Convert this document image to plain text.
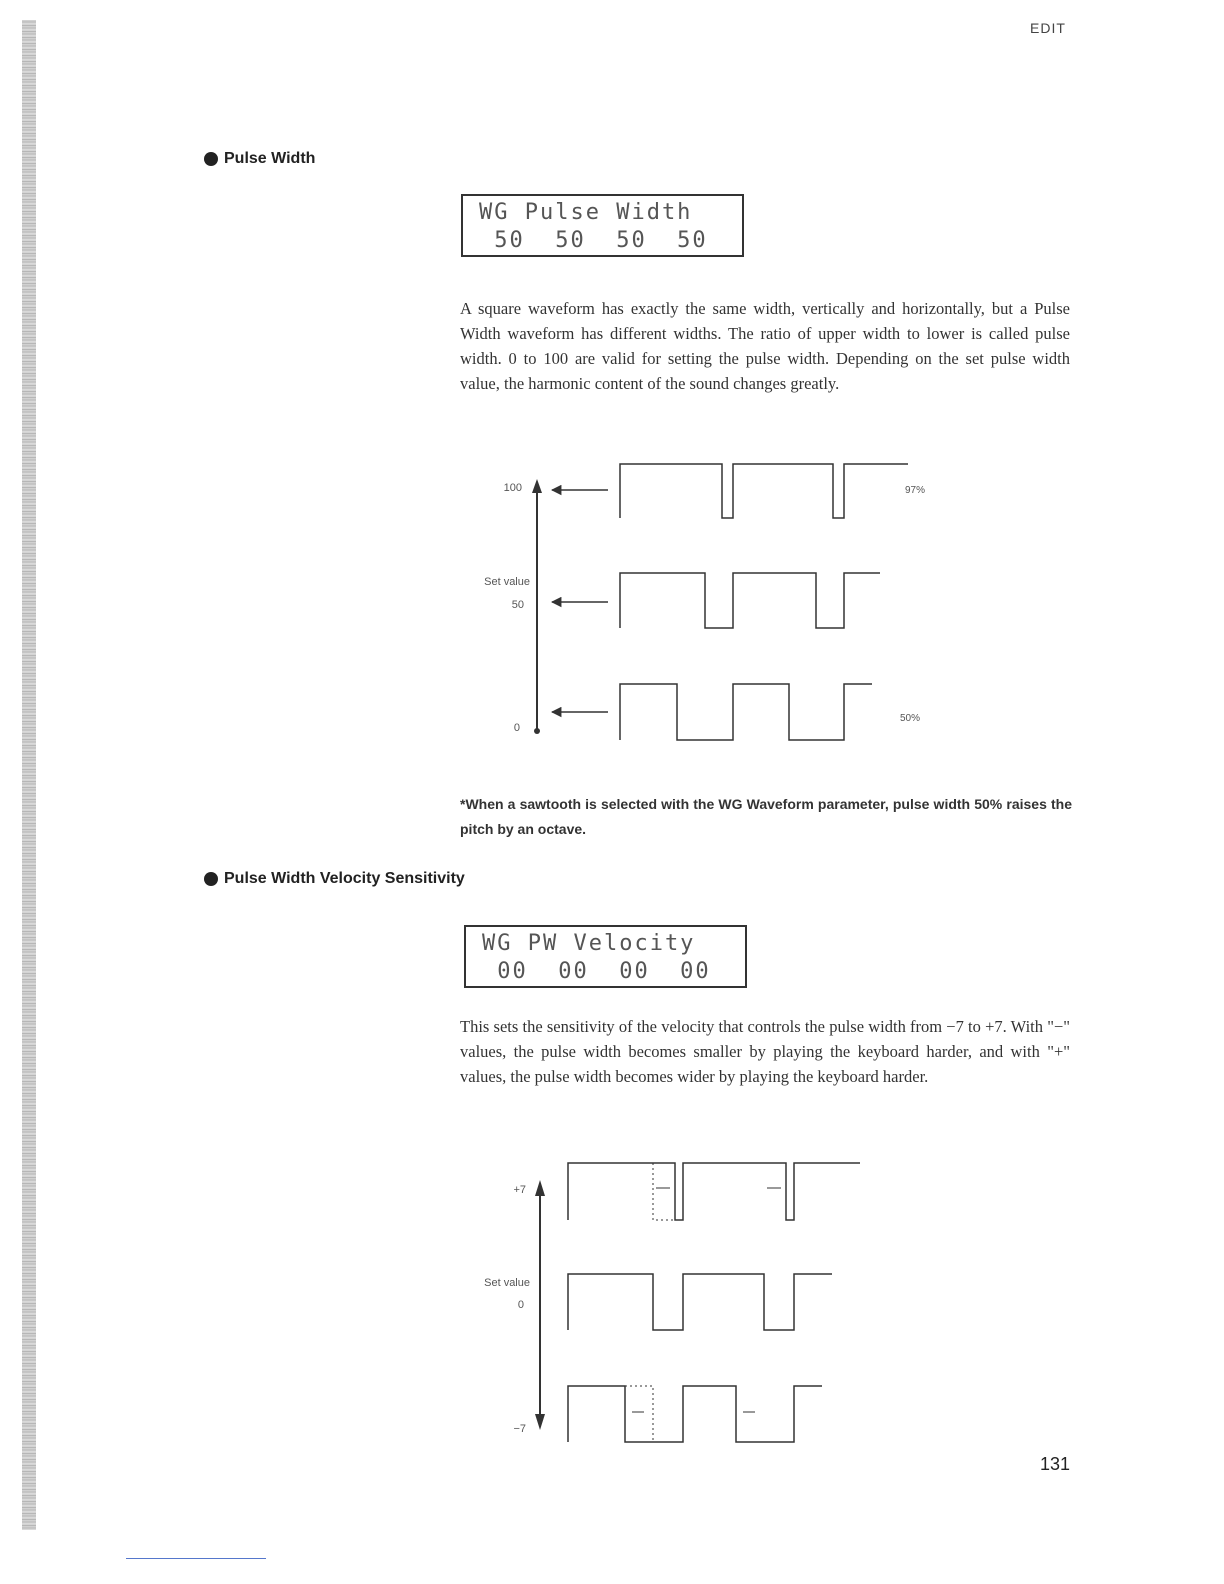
EDIT
Pulse Width
WG Pulse Width
50  50  50  50
A square waveform has exactly the same width, vertically and horizontally, but a Pulse Width waveform has different widths. The ratio of upper width to lower is called pulse width. 0 to 100 are valid for setting the pulse width. Depending on the set pulse width value, the harmonic content of the sound changes greatly.
100
Set value
50
0
97%
50%
*When a sawtooth is selected with the WG Waveform parameter, pulse width 50% raises the pitch by an octave.
Pulse Width Velocity Sensitivity
WG PW Velocity
00  00  00  00
This sets the sensitivity of the velocity that controls the pulse width from −7 to +7. With "−" values, the pulse width becomes smaller by playing the keyboard harder, and with "+" values, the pulse width becomes wider by playing the keyboard harder.
+7
Set value
0
−7
131
